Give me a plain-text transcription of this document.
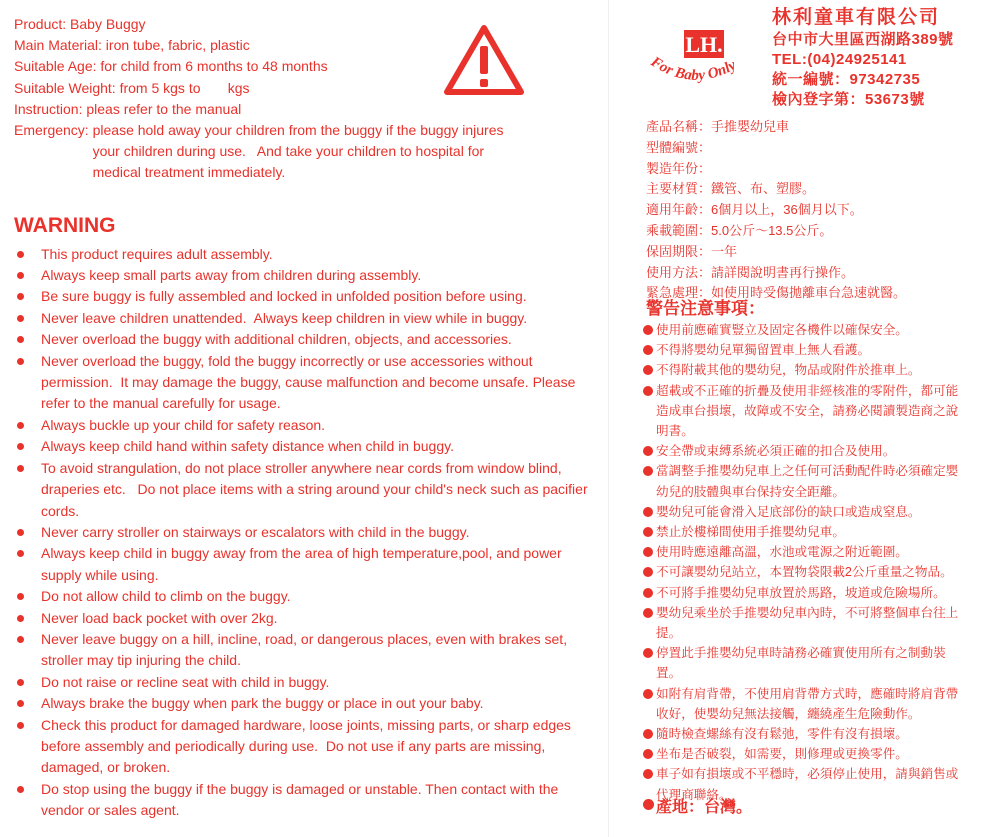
Product: Baby Buggy
Main Material: iron tube, fabric, plastic
Suitable Age: for child from 6 months to 48 months
Suitable Weight: from 5 kgs to       kgs
Instruction: pleas refer to the manual
Emergency: please hold away your children from the buggy if the buggy injures your children during use.   And take your children to hospital for medical treatment immediately.
WARNING
This product requires adult assembly.
Always keep small parts away from children during assembly.
Be sure buggy is fully assembled and locked in unfolded position before using.
Never leave children unattended.  Always keep children in view while in buggy.
Never overload the buggy with additional children, objects, and accessories.
Never overload the buggy, fold the buggy incorrectly or use accessories without permission.  It may damage the buggy, cause malfunction and become unsafe. Please refer to the manual carefully for usage.
Always buckle up your child for safety reason.
Always keep child hand within safety distance when child in buggy.
To avoid strangulation, do not place stroller anywhere near cords from window blind, draperies etc.   Do not place items with a string around your child's neck such as pacifier cords.
Never carry stroller on stairways or escalators with child in the buggy.
Always keep child in buggy away from the area of high temperature,pool, and power supply while using.
Do not allow child to climb on the buggy.
Never load back pocket with over 2kg.
Never leave buggy on a hill, incline, road, or dangerous places, even with brakes set, stroller may tip injuring the child.
Do not raise or recline seat with child in buggy.
Always brake the buggy when park the buggy or place in out your baby.
Check this product for damaged hardware, loose joints, missing parts, or sharp edges before assembly and periodically during use.  Do not use if any parts are missing, damaged, or broken.
Do stop using the buggy if the buggy is damaged or unstable. Then contact with the vendor or sales agent.
LH.
For Baby Only
林利童車有限公司
台中市大里區西湖路389號
TEL:(04)24925141
統一編號：97342735
檢內登字第：53673號
產品名稱：手推嬰幼兒車
型體編號：
製造年份：
主要材質：鐵管、布、塑膠。
適用年齡：6個月以上，36個月以下。
乘載範圍：5.0公斤～13.5公斤。
保固期限：一年
使用方法：請詳閱說明書再行操作。
緊急處理：如使用時受傷拋離車台急速就醫。
警告注意事項：
使用前應確實豎立及固定各機件以確保安全。
不得將嬰幼兒單獨留置車上無人看護。
不得附載其他的嬰幼兒，物品或附件於推車上。
超載或不正確的折疊及使用非經核准的零附件，都可能造成車台損壞，故障或不安全，請務必閱讀製造商之說明書。
安全帶或束縛系統必須正確的扣合及使用。
當調整手推嬰幼兒車上之任何可活動配件時必須確定嬰幼兒的肢體與車台保持安全距離。
嬰幼兒可能會滑入足底部份的缺口或造成窒息。
禁止於樓梯間使用手推嬰幼兒車。
使用時應遠離高溫，水池或電源之附近範圍。
不可讓嬰幼兒站立，本置物袋限載2公斤重量之物品。
不可將手推嬰幼兒車放置於馬路，坡道或危險場所。
嬰幼兒乘坐於手推嬰幼兒車內時，不可將整個車台往上提。
停置此手推嬰幼兒車時請務必確實使用所有之制動裝置。
如附有肩背帶，不使用肩背帶方式時，應確時將肩背帶收好，使嬰幼兒無法接觸，纏繞產生危險動作。
隨時檢查螺絲有沒有鬆弛，零件有沒有損壞。
坐布是否破裂，如需要，則修理或更換零件。
車子如有損壞或不平穩時，必須停止使用，請與銷售或代理商聯絡。
產地：台灣。
